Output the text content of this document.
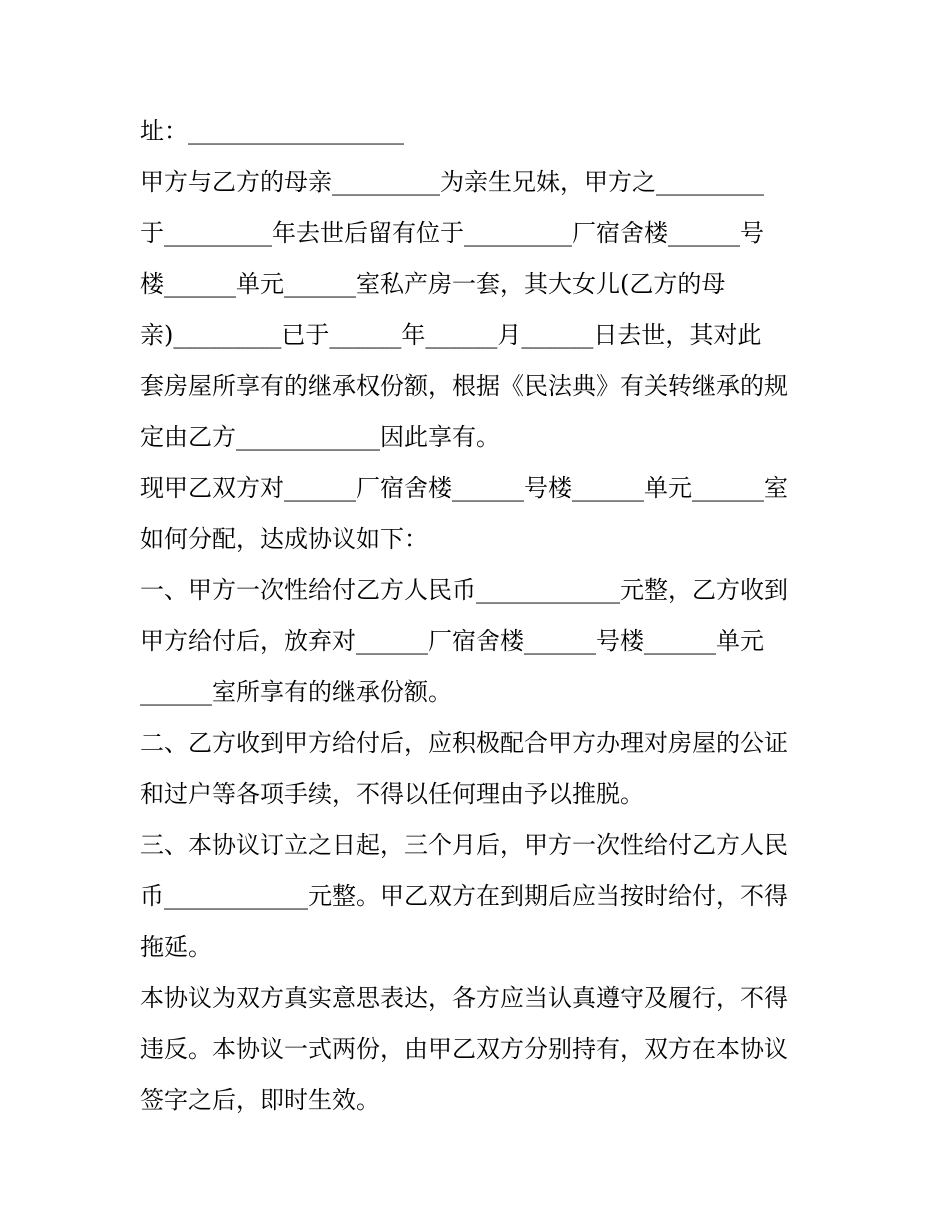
址：__________________
甲方与乙方的母亲_________为亲生兄妹，甲方之_________
于_________年去世后留有位于_________厂宿舍楼______号
楼______单元______室私产房一套，其大女儿(乙方的母
亲)_________已于______年______月______日去世，其对此
套房屋所享有的继承权份额，根据《民法典》有关转继承的规
定由乙方____________因此享有。
现甲乙双方对______厂宿舍楼______号楼______单元______室
如何分配，达成协议如下：
一、甲方一次性给付乙方人民币____________元整，乙方收到
甲方给付后，放弃对______厂宿舍楼______号楼______单元
______室所享有的继承份额。
二、乙方收到甲方给付后，应积极配合甲方办理对房屋的公证
和过户等各项手续，不得以任何理由予以推脱。
三、本协议订立之日起，三个月后，甲方一次性给付乙方人民
币____________元整。甲乙双方在到期后应当按时给付，不得
拖延。
本协议为双方真实意思表达，各方应当认真遵守及履行，不得
违反。本协议一式两份，由甲乙双方分别持有，双方在本协议
签字之后，即时生效。
